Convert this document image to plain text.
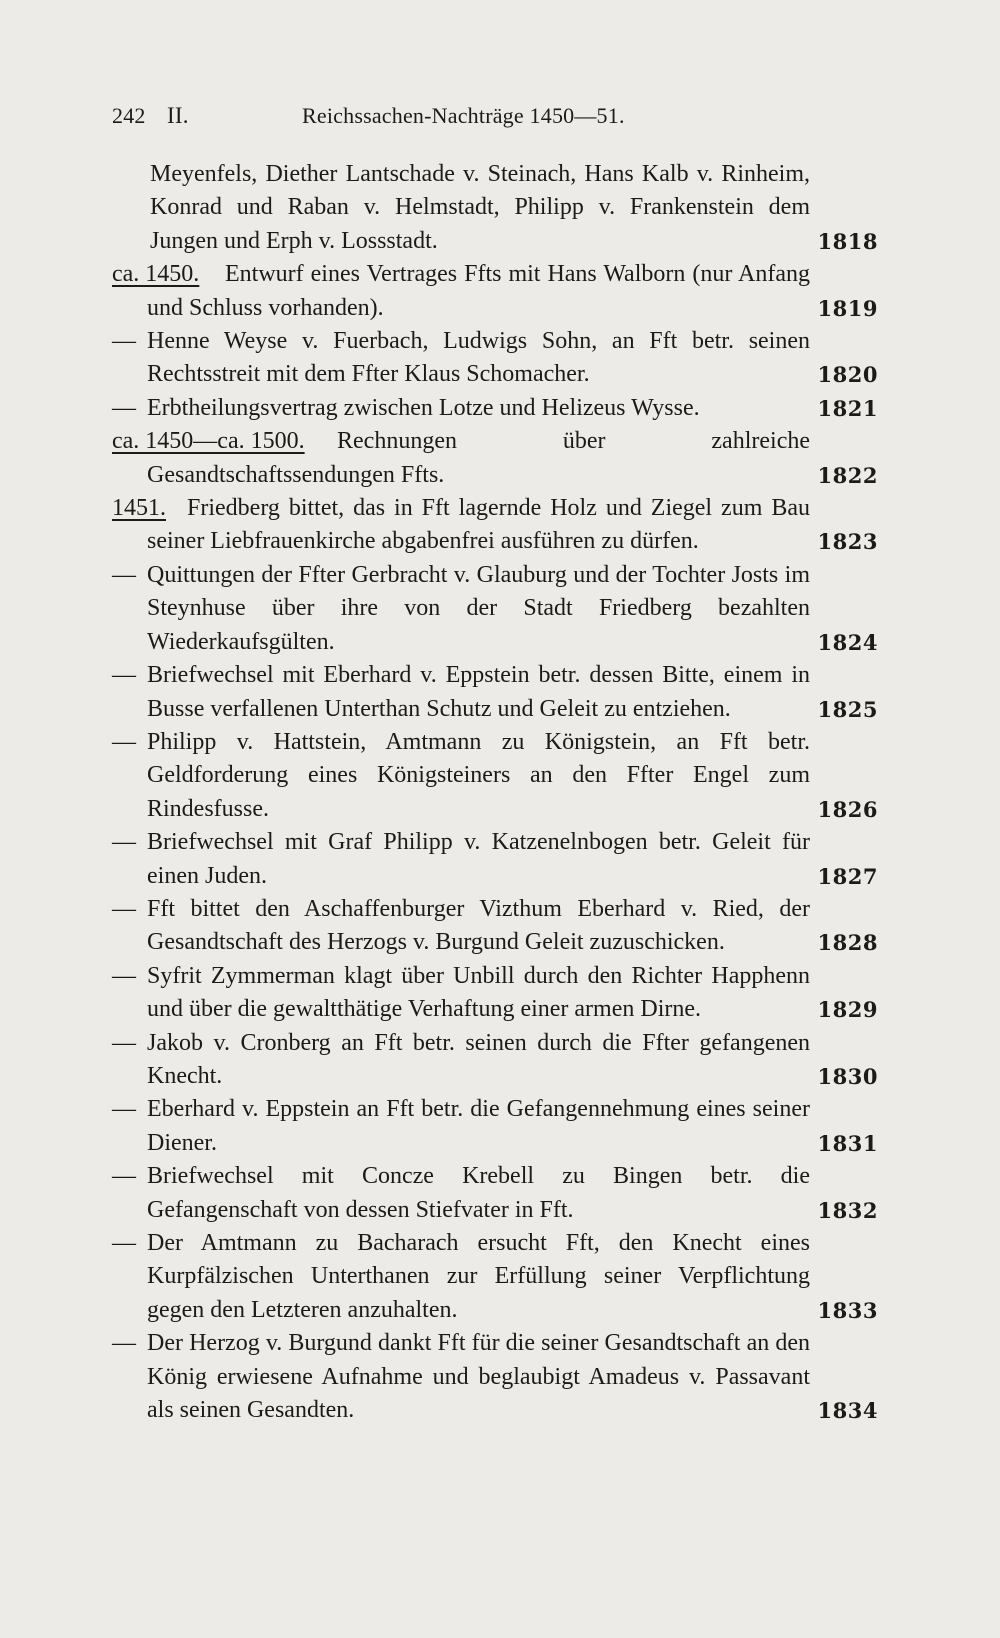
242 II.	Reichssachen-Nachträge 1450—51.
Meyenfels, Diether Lantschade v. Steinach, Hans Kalb v. Rinheim, Konrad und Raban v. Helmstadt, Philipp v. Frankenstein dem Jungen und Erph v. Lossstadt.	1818
ca. 1450.	Entwurf eines Vertrages Ffts mit Hans Walborn (nur Anfang und Schluss vorhanden).	1819
— Henne Weyse v. Fuerbach, Ludwigs Sohn, an Fft betr. seinen Rechtsstreit mit dem Ffter Klaus Schomacher.	1820
— Erbtheilungsvertrag zwischen Lotze und Helizeus Wysse.	1821
ca. 1450—ca. 1500.	Rechnungen über zahlreiche Gesandtschaftssendungen Ffts.	1822
1451. Friedberg bittet, das in Fft lagernde Holz und Ziegel zum Bau seiner Liebfrauenkirche abgabenfrei ausführen zu dürfen.	1823
— Quittungen der Ffter Gerbracht v. Glauburg und der Tochter Josts im Steynhuse über ihre von der Stadt Friedberg bezahlten Wiederkaufsgülten.	1824
— Briefwechsel mit Eberhard v. Eppstein betr. dessen Bitte, einem in Busse verfallenen Unterthan Schutz und Geleit zu entziehen.	1825
— Philipp v. Hattstein, Amtmann zu Königstein, an Fft betr. Geldforderung eines Königsteiners an den Ffter Engel zum Rindesfusse.	1826
— Briefwechsel mit Graf Philipp v. Katzenelnbogen betr. Geleit für einen Juden.	1827
— Fft bittet den Aschaffenburger Vizthum Eberhard v. Ried, der Gesandtschaft des Herzogs v. Burgund Geleit zuzuschicken.	1828
— Syfrit Zymmerman klagt über Unbill durch den Richter Happhenn und über die gewaltthätige Verhaftung einer armen Dirne.	1829
— Jakob v. Cronberg an Fft betr. seinen durch die Ffter gefangenen Knecht.	1830
— Eberhard v. Eppstein an Fft betr. die Gefangennehmung eines seiner Diener.	1831
— Briefwechsel mit Concze Krebell zu Bingen betr. die Gefangenschaft von dessen Stiefvater in Fft.	1832
— Der Amtmann zu Bacharach ersucht Fft, den Knecht eines Kurpfälzischen Unterthanen zur Erfüllung seiner Verpflichtung gegen den Letzteren anzuhalten.	1833
— Der Herzog v. Burgund dankt Fft für die seiner Gesandtschaft an den König erwiesene Aufnahme und beglaubigt Amadeus v. Passavant als seinen Gesandten.	1834
